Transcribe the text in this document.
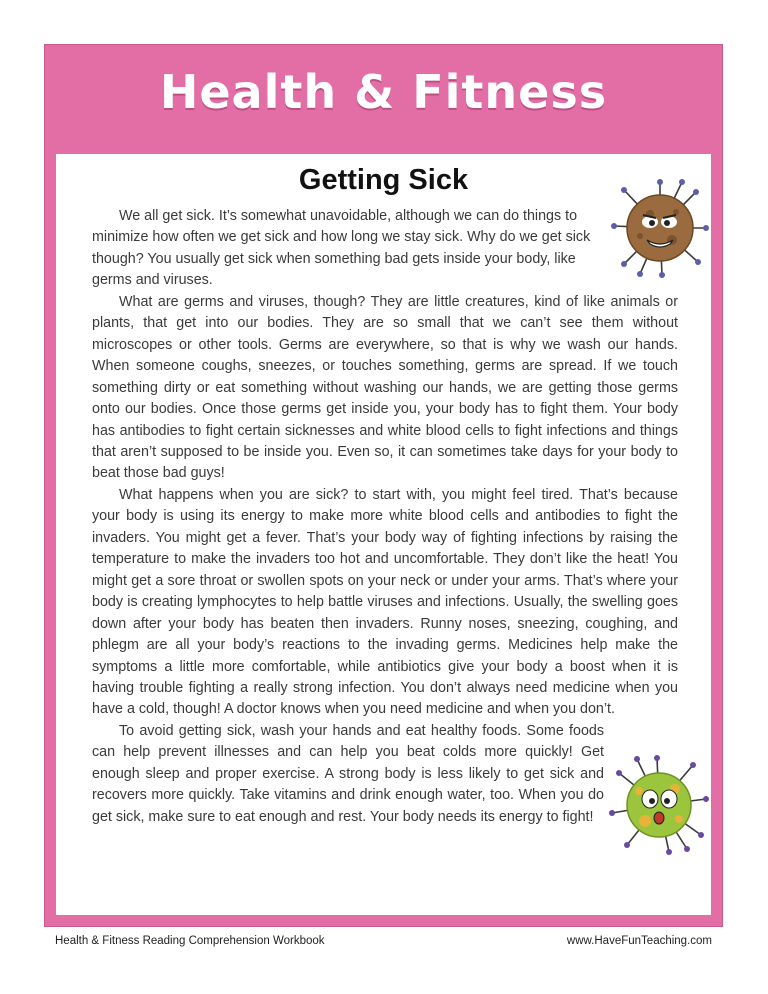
Health & Fitness
Getting Sick

We all get sick. It’s somewhat unavoidable, although we can do things to minimize how often we get sick and how long we stay sick. Why do we get sick though? You usually get sick when something bad gets inside your body, like germs and viruses.

What are germs and viruses, though? They are little creatures, kind of like animals or plants, that get into our bodies. They are so small that we can’t see them without microscopes or other tools. Germs are everywhere, so that is why we wash our hands. When someone coughs, sneezes, or touches something, germs are spread. If we touch something dirty or eat something without washing our hands, we are getting those germs onto our bodies. Once those germs get inside you, your body has to fight them. Your body has antibodies to fight certain sicknesses and white blood cells to fight infections and things that aren’t supposed to be inside you. Even so, it can sometimes take days for your body to beat those bad guys!

What happens when you are sick? to start with, you might feel tired. That’s because your body is using its energy to make more white blood cells and antibodies to fight the invaders. You might get a fever. That’s your body way of fighting infections by raising the temperature to make the invaders too hot and uncomfortable. They don’t like the heat! You might get a sore throat or swollen spots on your neck or under your arms. That’s where your body is creating lymphocytes to help battle viruses and infections. Usually, the swelling goes down after your body has beaten then invaders. Runny noses, sneezing, coughing, and phlegm are all your body’s reactions to the invading germs. Medicines help make the symptoms a little more comfortable, while antibiotics give your body a boost when it is having trouble fighting a really strong infection. You don’t always need medicine when you have a cold, though! A doctor knows when you need medicine and when you don’t.

To avoid getting sick, wash your hands and eat healthy foods. Some foods can help prevent illnesses and can help you beat colds more quickly! Get enough sleep and proper exercise. A strong body is less likely to get sick and recovers more quickly. Take vitamins and drink enough water, too. When you do get sick, make sure to eat enough and rest. Your body needs its energy to fight!

Health & Fitness Reading Comprehension Workbook	www.HaveFunTeaching.com
